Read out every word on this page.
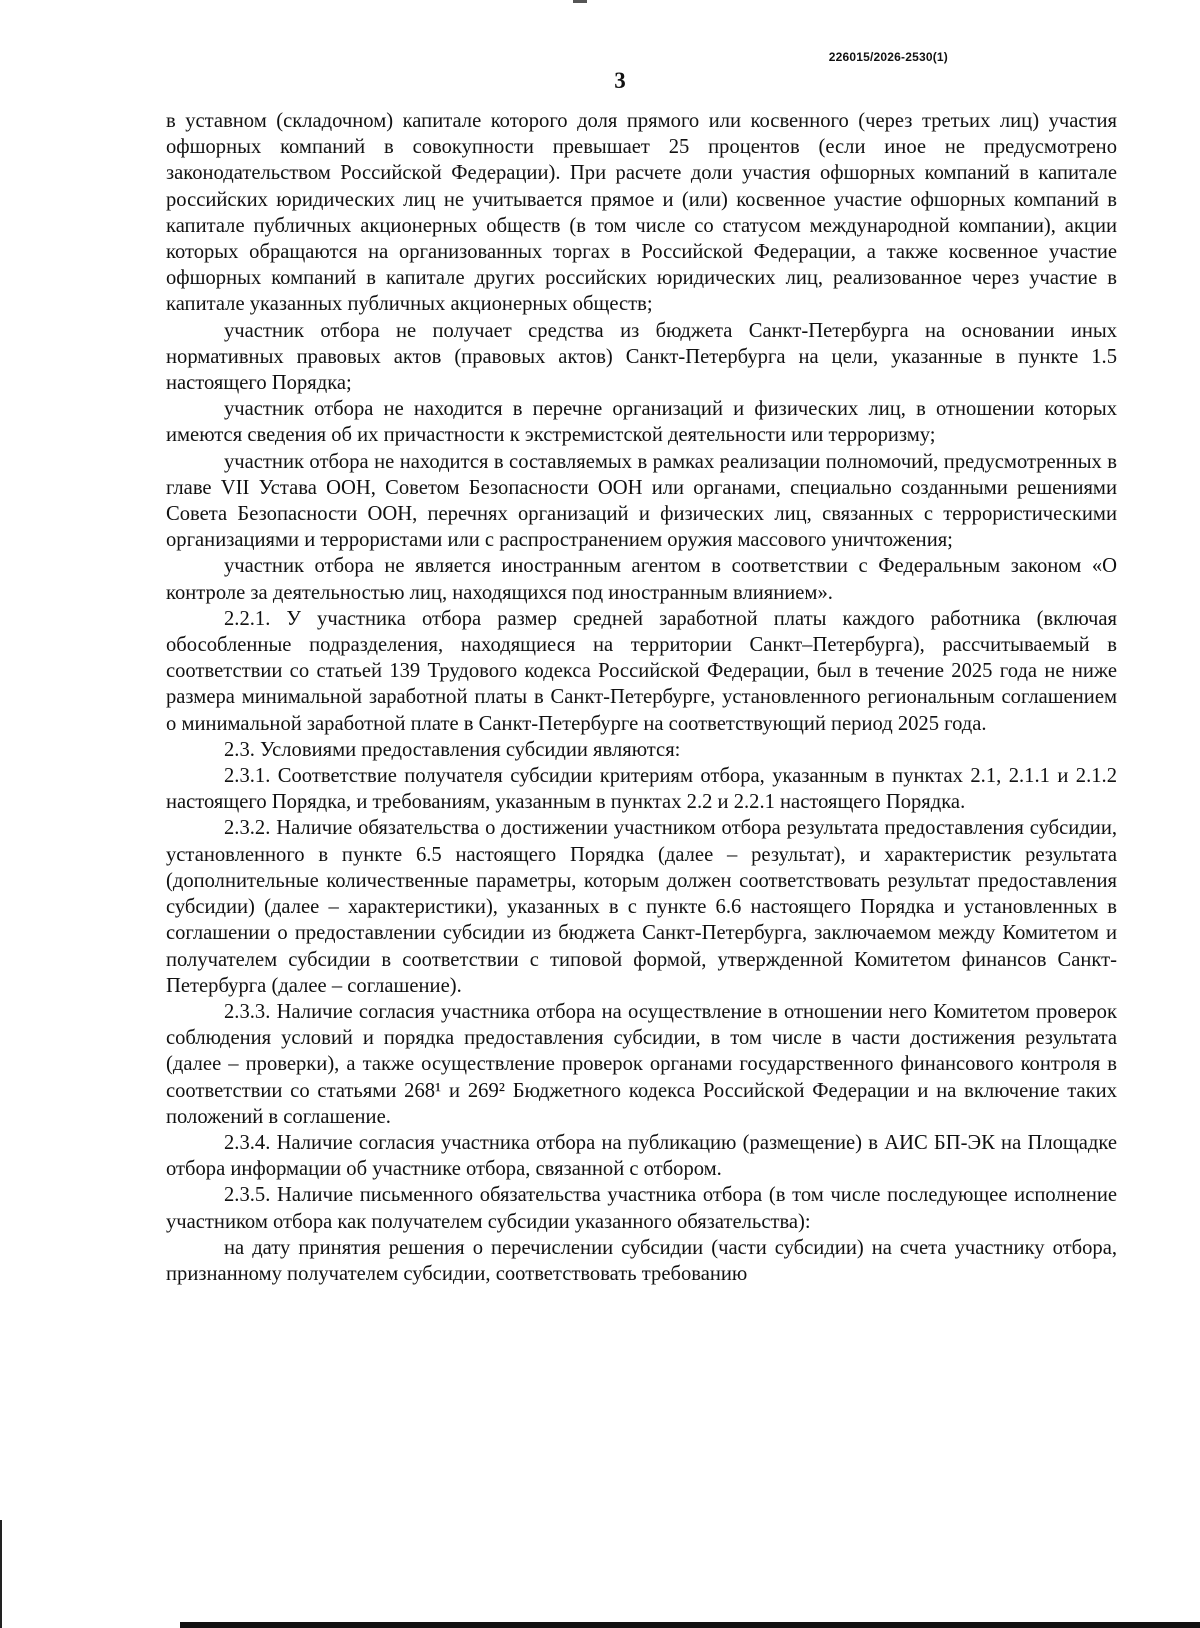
226015/2026-2530(1)
3

в уставном (складочном) капитале которого доля прямого или косвенного (через третьих лиц) участия офшорных компаний в совокупности превышает 25 процентов (если иное не предусмотрено законодательством Российской Федерации). При расчете доли участия офшорных компаний в капитале российских юридических лиц не учитывается прямое и (или) косвенное участие офшорных компаний в капитале публичных акционерных обществ (в том числе со статусом международной компании), акции которых обращаются на организованных торгах в Российской Федерации, а также косвенное участие офшорных компаний в капитале других российских юридических лиц, реализованное через участие в капитале указанных публичных акционерных обществ;

участник отбора не получает средства из бюджета Санкт-Петербурга на основании иных нормативных правовых актов (правовых актов) Санкт-Петербурга на цели, указанные в пункте 1.5 настоящего Порядка;

участник отбора не находится в перечне организаций и физических лиц, в отношении которых имеются сведения об их причастности к экстремистской деятельности или терроризму;

участник отбора не находится в составляемых в рамках реализации полномочий, предусмотренных в главе VII Устава ООН, Советом Безопасности ООН или органами, специально созданными решениями Совета Безопасности ООН, перечнях организаций и физических лиц, связанных с террористическими организациями и террористами или с распространением оружия массового уничтожения;

участник отбора не является иностранным агентом в соответствии с Федеральным законом «О контроле за деятельностью лиц, находящихся под иностранным влиянием».

2.2.1. У участника отбора размер средней заработной платы каждого работника (включая обособленные подразделения, находящиеся на территории Санкт–Петербурга), рассчитываемый в соответствии со статьей 139 Трудового кодекса Российской Федерации, был в течение 2025 года не ниже размера минимальной заработной платы в Санкт-Петербурге, установленного региональным соглашением о минимальной заработной плате в Санкт-Петербурге на соответствующий период 2025 года.

2.3. Условиями предоставления субсидии являются:

2.3.1. Соответствие получателя субсидии критериям отбора, указанным в пунктах 2.1, 2.1.1 и 2.1.2 настоящего Порядка, и требованиям, указанным в пунктах 2.2 и 2.2.1 настоящего Порядка.

2.3.2. Наличие обязательства о достижении участником отбора результата предоставления субсидии, установленного в пункте 6.5 настоящего Порядка (далее – результат), и характеристик результата (дополнительные количественные параметры, которым должен соответствовать результат предоставления субсидии) (далее – характеристики), указанных в с пункте 6.6 настоящего Порядка и установленных в соглашении о предоставлении субсидии из бюджета Санкт-Петербурга, заключаемом между Комитетом и получателем субсидии в соответствии с типовой формой, утвержденной Комитетом финансов Санкт-Петербурга (далее – соглашение).

2.3.3. Наличие согласия участника отбора на осуществление в отношении него Комитетом проверок соблюдения условий и порядка предоставления субсидии, в том числе в части достижения результата (далее – проверки), а также осуществление проверок органами государственного финансового контроля в соответствии со статьями 268¹ и 269² Бюджетного кодекса Российской Федерации и на включение таких положений в соглашение.

2.3.4. Наличие согласия участника отбора на публикацию (размещение) в АИС БП-ЭК на Площадке отбора информации об участнике отбора, связанной с отбором.

2.3.5. Наличие письменного обязательства участника отбора (в том числе последующее исполнение участником отбора как получателем субсидии указанного обязательства):

на дату принятия решения о перечислении субсидии (части субсидии) на счета участнику отбора, признанному получателем субсидии, соответствовать требованию
